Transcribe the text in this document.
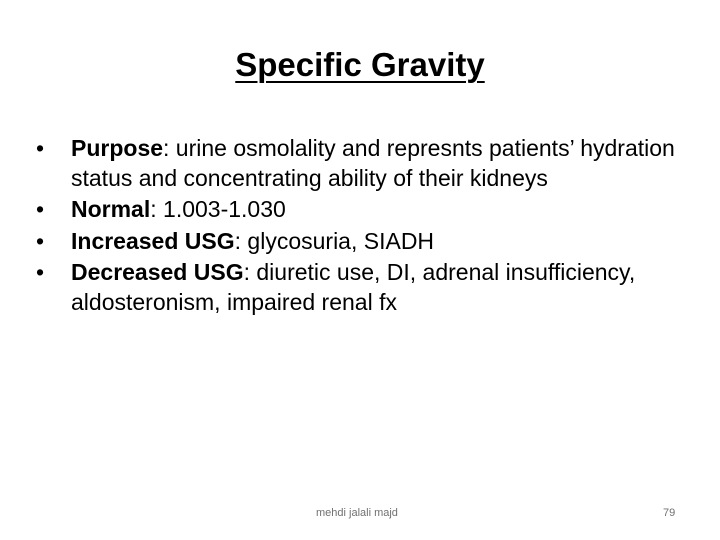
Specific Gravity
• Purpose: urine osmolality and represnts patients’ hydration status and concentrating ability of their kidneys
• Normal: 1.003-1.030
• Increased USG: glycosuria, SIADH
• Decreased USG: diuretic use, DI, adrenal insufficiency, aldosteronism, impaired renal fx
mehdi jalali majd	79
